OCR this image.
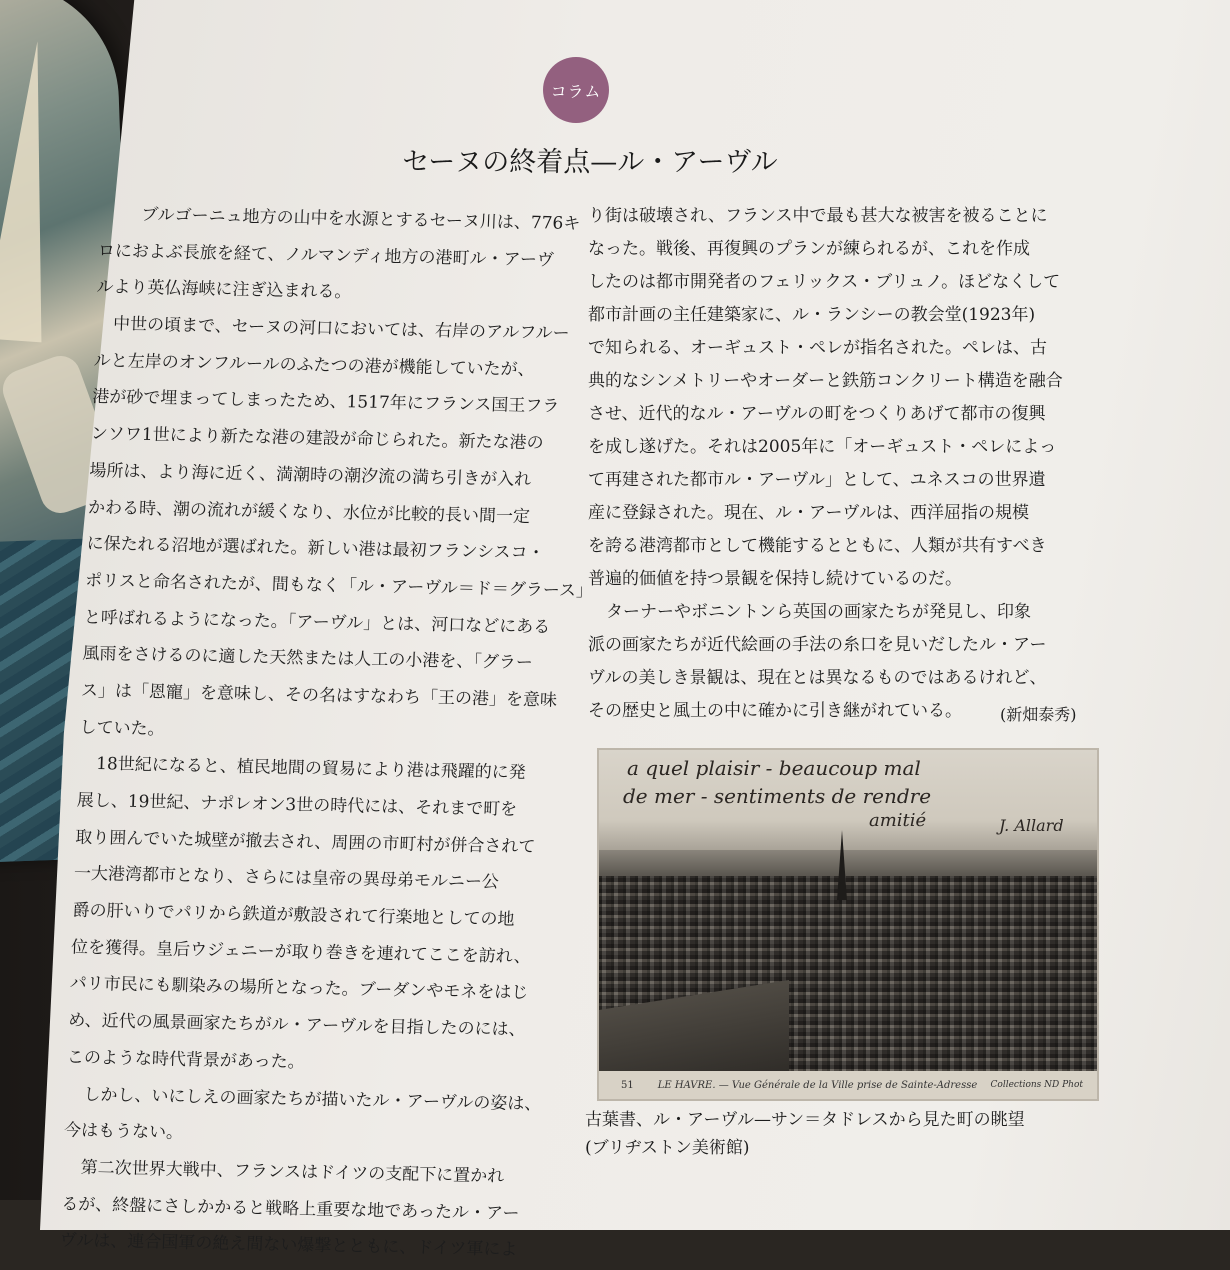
コラム
セーヌの終着点—ル・アーヴル
ブルゴーニュ地方の山中を水源とするセーヌ川は、776キ
ロにおよぶ長旅を経て、ノルマンディ地方の港町ル・アーヴ
ルより英仏海峡に注ぎ込まれる。
中世の頃まで、セーヌの河口においては、右岸のアルフルー
ルと左岸のオンフルールのふたつの港が機能していたが、
港が砂で埋まってしまったため、1517年にフランス国王フラ
ンソワ1世により新たな港の建設が命じられた。新たな港の
場所は、より海に近く、満潮時の潮汐流の満ち引きが入れ
かわる時、潮の流れが緩くなり、水位が比較的長い間一定
に保たれる沼地が選ばれた。新しい港は最初フランシスコ・
ポリスと命名されたが、間もなく「ル・アーヴル＝ド＝グラース」
と呼ばれるようになった。「アーヴル」とは、河口などにある
風雨をさけるのに適した天然または人工の小港を、「グラー
ス」は「恩寵」を意味し、その名はすなわち「王の港」を意味
していた。
18世紀になると、植民地間の貿易により港は飛躍的に発
展し、19世紀、ナポレオン3世の時代には、それまで町を
取り囲んでいた城壁が撤去され、周囲の市町村が併合されて
一大港湾都市となり、さらには皇帝の異母弟モルニー公
爵の肝いりでパリから鉄道が敷設されて行楽地としての地
位を獲得。皇后ウジェニーが取り巻きを連れてここを訪れ、
パリ市民にも馴染みの場所となった。ブーダンやモネをはじ
め、近代の風景画家たちがル・アーヴルを目指したのには、
このような時代背景があった。
しかし、いにしえの画家たちが描いたル・アーヴルの姿は、
今はもうない。
第二次世界大戦中、フランスはドイツの支配下に置かれ
るが、終盤にさしかかると戦略上重要な地であったル・アー
ヴルは、連合国軍の絶え間ない爆撃とともに、ドイツ軍によ
り街は破壊され、フランス中で最も甚大な被害を被ることに
なった。戦後、再復興のプランが練られるが、これを作成
したのは都市開発者のフェリックス・ブリュノ。ほどなくして
都市計画の主任建築家に、ル・ランシーの教会堂(1923年)
で知られる、オーギュスト・ペレが指名された。ペレは、古
典的なシンメトリーやオーダーと鉄筋コンクリート構造を融合
させ、近代的なル・アーヴルの町をつくりあげて都市の復興
を成し遂げた。それは2005年に「オーギュスト・ペレによっ
て再建された都市ル・アーヴル」として、ユネスコの世界遺
産に登録された。現在、ル・アーヴルは、西洋屈指の規模
を誇る港湾都市として機能するとともに、人類が共有すべき
普遍的価値を持つ景観を保持し続けているのだ。
ターナーやボニントンら英国の画家たちが発見し、印象
派の画家たちが近代絵画の手法の糸口を見いだしたル・アー
ヴルの美しき景観は、現在とは異なるものではあるけれど、
その歴史と風土の中に確かに引き継がれている。	(新畑泰秀)
a quel plaisir - beaucoup mal
de mer - sentiments de rendre
amitié	J. Allard
51 LE HAVRE. — Vue Générale de la Ville prise de Sainte-Adresse Collections ND Phot
古葉書、ル・アーヴル—サン＝タドレスから見た町の眺望
(ブリヂストン美術館)
